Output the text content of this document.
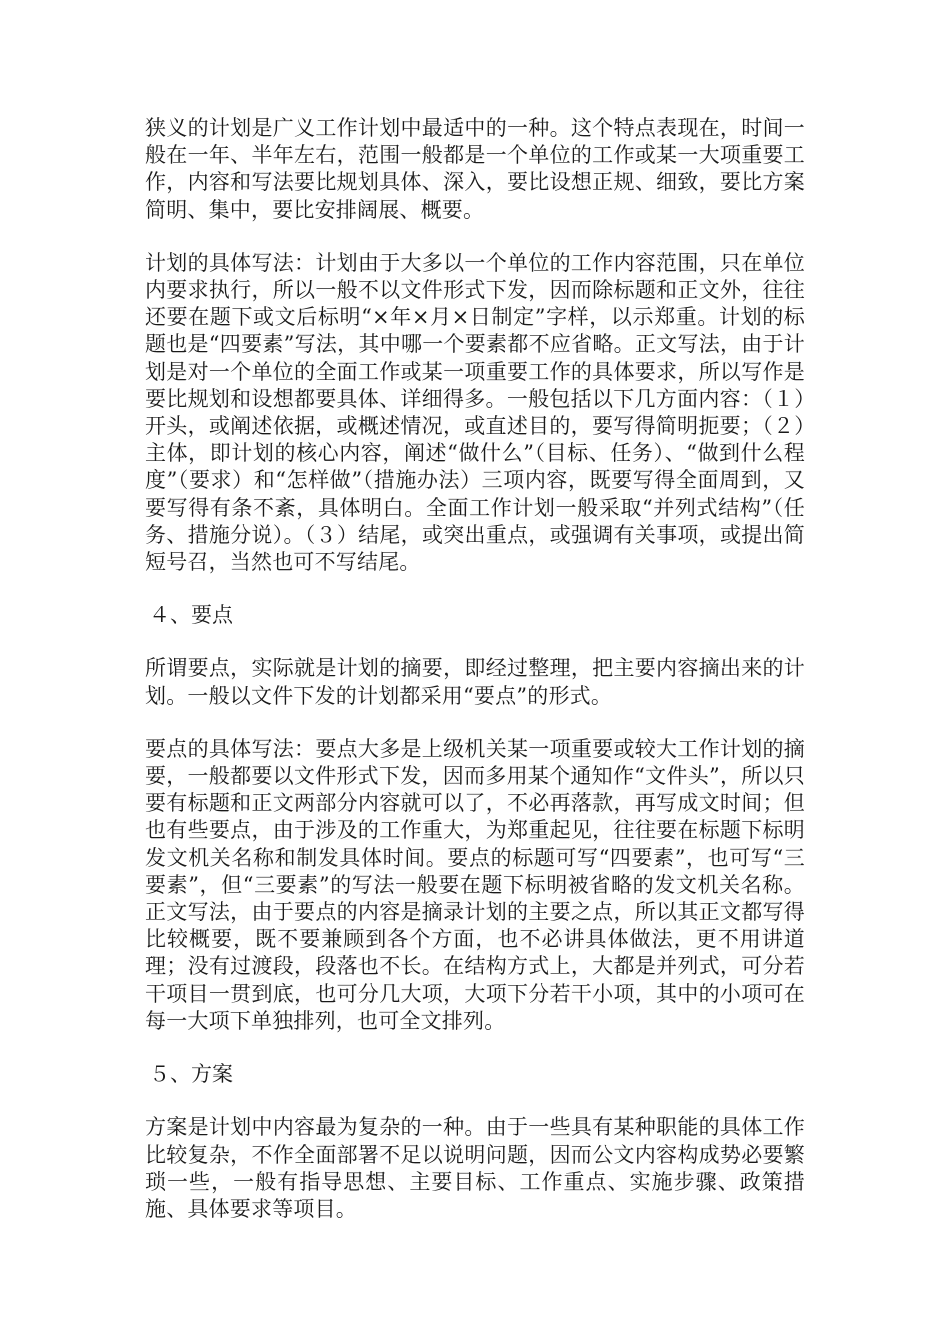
狭义的计划是广义工作计划中最适中的一种。这个特点表现在，时间一般在一年、半年左右，范围一般都是一个单位的工作或某一大项重要工作，内容和写法要比规划具体、深入，要比设想正规、细致，要比方案简明、集中，要比安排阔展、概要。

计划的具体写法：计划由于大多以一个单位的工作内容范围，只在单位内要求执行，所以一般不以文件形式下发，因而除标题和正文外，往往还要在题下或文后标明“×年×月×日制定”字样，以示郑重。计划的标题也是“四要素”写法，其中哪一个要素都不应省略。正文写法，由于计划是对一个单位的全面工作或某一项重要工作的具体要求，所以写作是要比规划和设想都要具体、详细得多。一般包括以下几方面内容：（１）开头，或阐述依据，或概述情况，或直述目的，要写得简明扼要；（２）主体，即计划的核心内容，阐述“做什么”（目标、任务）、“做到什么程度”（要求）和“怎样做”（措施办法）三项内容，既要写得全面周到，又要写得有条不紊，具体明白。全面工作计划一般采取“并列式结构”（任务、措施分说）。（３）结尾，或突出重点，或强调有关事项，或提出简短号召，当然也可不写结尾。

４、要点

所谓要点，实际就是计划的摘要，即经过整理，把主要内容摘出来的计划。一般以文件下发的计划都采用“要点”的形式。

要点的具体写法：要点大多是上级机关某一项重要或较大工作计划的摘要，一般都要以文件形式下发，因而多用某个通知作“文件头”，所以只要有标题和正文两部分内容就可以了，不必再落款，再写成文时间；但也有些要点，由于涉及的工作重大，为郑重起见，往往要在标题下标明发文机关名称和制发具体时间。要点的标题可写“四要素”，也可写“三要素”，但“三要素”的写法一般要在题下标明被省略的发文机关名称。正文写法，由于要点的内容是摘录计划的主要之点，所以其正文都写得比较概要，既不要兼顾到各个方面，也不必讲具体做法，更不用讲道理；没有过渡段，段落也不长。在结构方式上，大都是并列式，可分若干项目一贯到底，也可分几大项，大项下分若干小项，其中的小项可在每一大项下单独排列，也可全文排列。

５、方案

方案是计划中内容最为复杂的一种。由于一些具有某种职能的具体工作比较复杂，不作全面部署不足以说明问题，因而公文内容构成势必要繁琐一些，一般有指导思想、主要目标、工作重点、实施步骤、政策措施、具体要求等项目。
